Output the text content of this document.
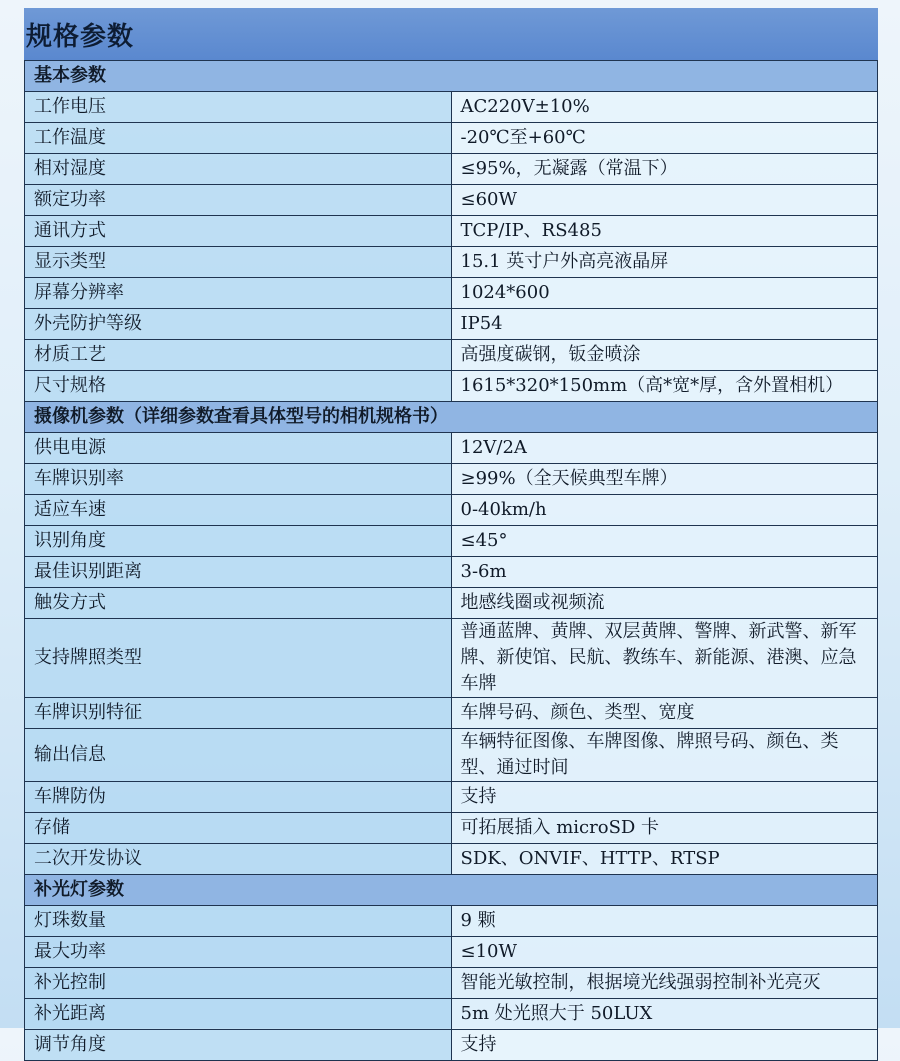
规格参数
基本参数	
工作电压	AC220V±10%
工作温度	-20℃至+60℃
相对湿度	≤95%，无凝露（常温下）
额定功率	≤60W
通讯方式	TCP/IP、RS485
显示类型	15.1 英寸户外高亮液晶屏
屏幕分辨率	1024*600
外壳防护等级	IP54
材质工艺	高强度碳钢，钣金喷涂
尺寸规格	1615*320*150mm（高*宽*厚，含外置相机）
摄像机参数（详细参数查看具体型号的相机规格书）	
供电电源	12V/2A
车牌识别率	≥99%（全天候典型车牌）
适应车速	0-40km/h
识别角度	≤45°
最佳识别距离	3-6m
触发方式	地感线圈或视频流
支持牌照类型	普通蓝牌、黄牌、双层黄牌、警牌、新武警、新军牌、新使馆、民航、教练车、新能源、港澳、应急车牌
车牌识别特征	车牌号码、颜色、类型、宽度
输出信息	车辆特征图像、车牌图像、牌照号码、颜色、类型、通过时间
车牌防伪	支持
存储	可拓展插入 microSD 卡
二次开发协议	SDK、ONVIF、HTTP、RTSP
补光灯参数	
灯珠数量	9 颗
最大功率	≤10W
补光控制	智能光敏控制，根据境光线强弱控制补光亮灭
补光距离	5m 处光照大于 50LUX
调节角度	支持
